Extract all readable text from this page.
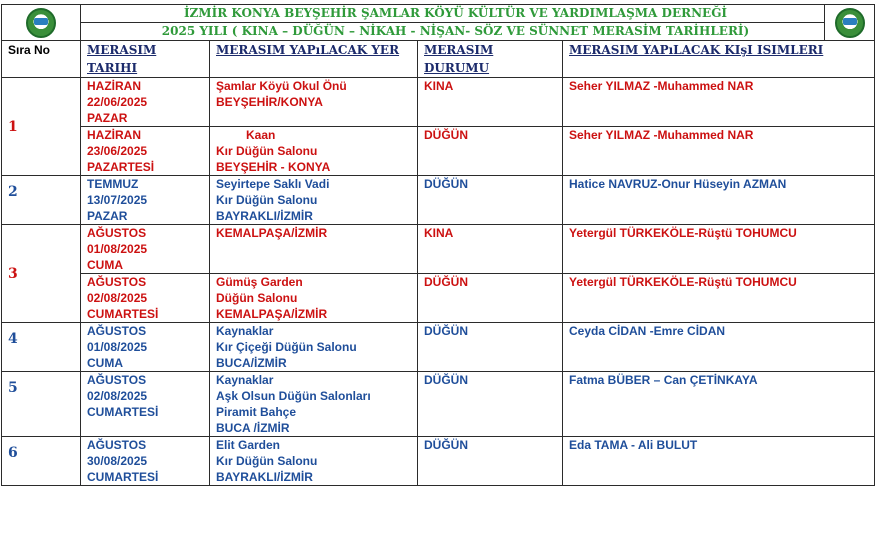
	İZMİR KONYA BEYŞEHİR ŞAMLAR KÖYÜ KÜLTÜR VE YARDIMLAŞMA DERNEĞİ				

	2025 YILI ( KINA – DÜĞÜN – NİKAH - NİŞAN- SÖZ VE SÜNNET MERASİM TARİHLERİ)				
Sıra No	MERASIM TARIHI	MERASIM YAPıLACAK YER	MERASIM DURUMU	MERASIM YAPıLACAK KIşI ISIMLERI	
1	HAZİRAN
22/06/2025
PAZAR	Şamlar Köyü Okul Önü
BEYŞEHİR/KONYA	KINA	Seher YILMAZ -Muhammed NAR	

	HAZİRAN
23/06/2025
PAZARTESİ	Kaan
Kır Düğün Salonu
BEYŞEHİR - KONYA	DÜĞÜN	Seher YILMAZ -Muhammed NAR	
2	TEMMUZ
13/07/2025
PAZAR	Seyirtepe Saklı Vadi
Kır Düğün Salonu
BAYRAKLI/İZMİR	DÜĞÜN	Hatice NAVRUZ-Onur Hüseyin AZMAN	
3	AĞUSTOS
01/08/2025
CUMA	KEMALPAŞA/İZMİR	KINA	Yetergül TÜRKEKÖLE-Rüştü TOHUMCU	

	AĞUSTOS
02/08/2025
CUMARTESİ	Gümüş Garden
Düğün Salonu
KEMALPAŞA/İZMİR	DÜĞÜN	Yetergül TÜRKEKÖLE-Rüştü TOHUMCU	
4	AĞUSTOS
01/08/2025
CUMA	Kaynaklar
Kır Çiçeği Düğün Salonu
BUCA/İZMİR	DÜĞÜN	Ceyda CİDAN -Emre CİDAN	
5	AĞUSTOS
02/08/2025
CUMARTESİ	Kaynaklar
Aşk Olsun Düğün Salonları
Piramit Bahçe
BUCA /İZMİR	DÜĞÜN	Fatma BÜBER – Can ÇETİNKAYA	
6	AĞUSTOS
30/08/2025
CUMARTESİ	Elit Garden
Kır Düğün Salonu
BAYRAKLI/İZMİR	DÜĞÜN	Eda TAMA - Ali BULUT	
